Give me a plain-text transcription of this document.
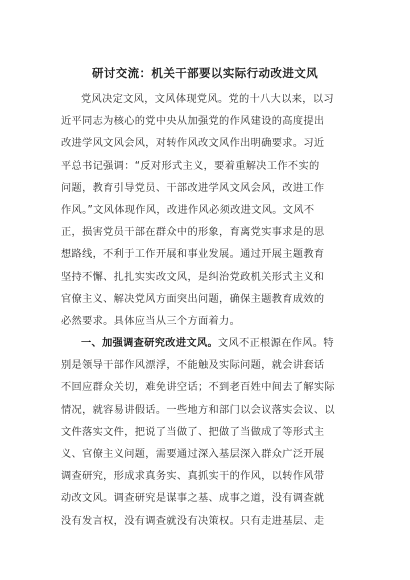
研讨交流：机关干部要以实际行动改进文风
党风决定文风，文风体现党风。党的十八大以来，以习
近平同志为核心的党中央从加强党的作风建设的高度提出
改进学风文风会风，对转作风改文风作出明确要求。习近
平总书记强调：“反对形式主义，要着重解决工作不实的
问题，教育引导党员、干部改进学风文风会风，改进工作
作风。”文风体现作风，改进作风必须改进文风。文风不
正，损害党员干部在群众中的形象，育离党实事求是的思
想路线，不利于工作开展和事业发展。通过开展主题教育
坚持不懈、扎扎实实改文风，是纠治党政机关形式主义和
官僚主义、解决党风方面突出问题，确保主题教育成效的
必然要求。具体应当从三个方面着力。
一、加强调查研究改进文风。文风不正根源在作风。特
别是领导干部作风漂浮，不能触及实际问题，就会讲套话
不回应群众关切，难免讲空话；不到老百姓中间去了解实际
情况，就容易讲假话。一些地方和部门以会议落实会议、以
文件落实文件，把说了当做了、把做了当做成了等形式主
义、官僚主义问题，需要通过深入基层深入群众广泛开展
调查研究，形成求真务实、真抓实干的作风，以转作风带
动改文风。调查研究是谋事之基、成事之道，没有调查就
没有发言权，没有调查就没有决策权。只有走进基层、走
